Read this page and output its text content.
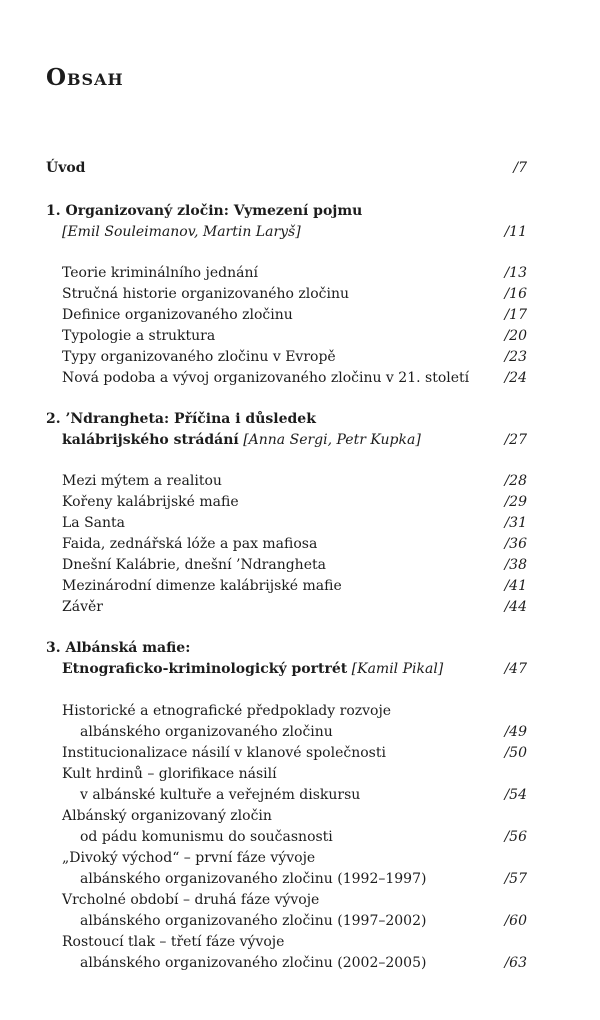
Obsah
Úvod	/7
1. Organizovaný zločin: Vymezení pojmu
[Emil Souleimanov, Martin Laryš]	/11
Teorie kriminálního jednání	/13
Stručná historie organizovaného zločinu	/16
Definice organizovaného zločinu	/17
Typologie a struktura	/20
Typy organizovaného zločinu v Evropě	/23
Nová podoba a vývoj organizovaného zločinu v 21. století	/24
2. ’Ndrangheta: Příčina i důsledek
kalábrijského strádání [Anna Sergi, Petr Kupka]	/27
Mezi mýtem a realitou	/28
Kořeny kalábrijské mafie	/29
La Santa	/31
Faida, zednářská lóže a pax mafiosa	/36
Dnešní Kalábrie, dnešní ’Ndrangheta	/38
Mezinárodní dimenze kalábrijské mafie	/41
Závěr	/44
3. Albánská mafie:
Etnograficko-kriminologický portrét [Kamil Pikal]	/47
Historické a etnografické předpoklady rozvoje
albánského organizovaného zločinu	/49
Institucionalizace násilí v klanové společnosti	/50
Kult hrdinů – glorifikace násilí
v albánské kultuře a veřejném diskursu	/54
Albánský organizovaný zločin
od pádu komunismu do současnosti	/56
„Divoký východ“ – první fáze vývoje
albánského organizovaného zločinu (1992–1997)	/57
Vrcholné období – druhá fáze vývoje
albánského organizovaného zločinu (1997–2002)	/60
Rostoucí tlak – třetí fáze vývoje
albánského organizovaného zločinu (2002–2005)	/63
